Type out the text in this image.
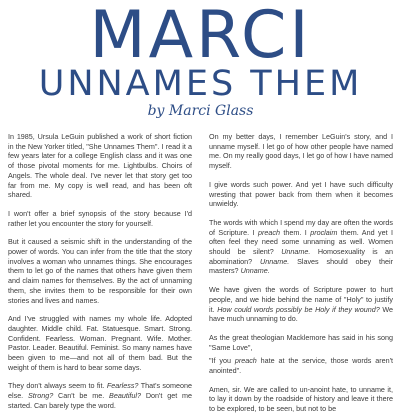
MARCI
UNNAMES THEM
by Marci Glass

In 1985, Ursula LeGuin published a work of short fiction in the New Yorker titled, "She Unnames Them". I read it a few years later for a college English class and it was one of those pivotal moments for me. Lightbulbs. Choirs of Angels. The whole deal. I've never let that story get too far from me. My copy is well read, and has been oft shared.

I won't offer a brief synopsis of the story because I'd rather let you encounter the story for yourself.

But it caused a seismic shift in the understanding of the power of words. You can infer from the title that the story involves a woman who unnames things. She encourages them to let go of the names that others have given them and claim names for themselves. By the act of unnaming them, she invites them to be responsible for their own stories and lives and names.

And I've struggled with names my whole life. Adopted daughter. Middle child. Fat. Statuesque. Smart. Strong. Confident. Fearless. Woman. Pregnant. Wife. Mother. Pastor. Leader. Beautiful. Feminist. So many names have been given to me—and not all of them bad. But the weight of them is hard to bear some days.

They don't always seem to fit. Fearless? That's someone else. Strong? Can't be me. Beautiful? Don't get me started. Can barely type the word.

On my better days, I remember LeGuin's story, and I unname myself. I let go of how other people have named me. On my really good days, I let go of how I have named myself.

I give words such power. And yet I have such difficulty wresting that power back from them when it becomes unwieldy.

The words with which I spend my day are often the words of Scripture. I preach them. I proclaim them. And yet I often feel they need some unnaming as well. Women should be silent? Unname. Homosexuality is an abomination? Unname. Slaves should obey their masters? Unname.

We have given the words of Scripture power to hurt people, and we hide behind the name of "Holy" to justify it. How could words possibly be Holy if they wound? We have much unnaming to do.

As the great theologian Macklemore has said in his song "Same Love",

"If you preach hate at the service, those words aren't anointed".

Amen, sir. We are called to un-anoint hate, to unname it, to lay it down by the roadside of history and leave it there to be explored, to be seen, but not to be
